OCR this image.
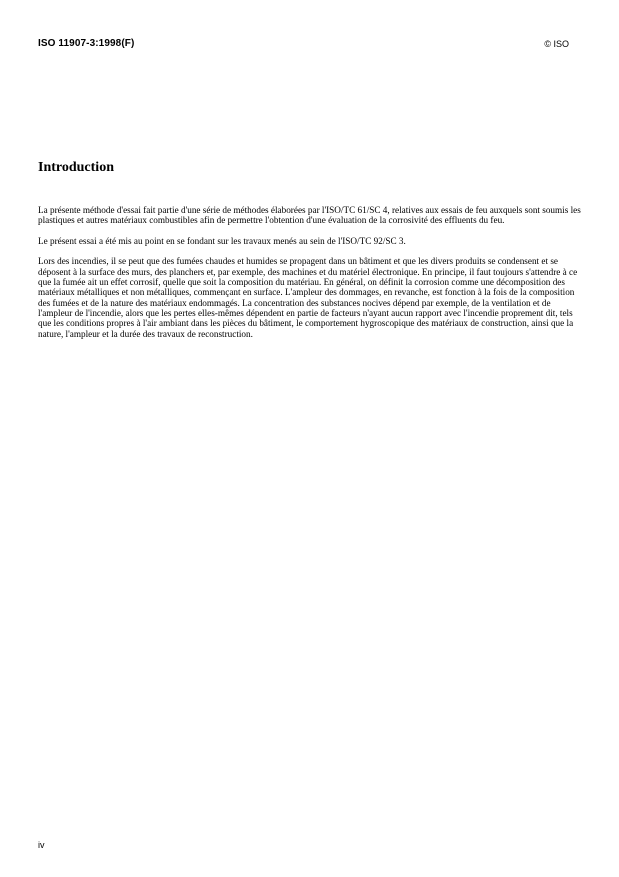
ISO 11907-3:1998(F)	© ISO
Introduction

La présente méthode d'essai fait partie d'une série de méthodes élaborées par l'ISO/TC 61/SC 4, relatives aux essais de feu auxquels sont soumis les plastiques et autres matériaux combustibles afin de permettre l'obtention d'une évaluation de la corrosivité des effluents du feu.

Le présent essai a été mis au point en se fondant sur les travaux menés au sein de l'ISO/TC 92/SC 3.

Lors des incendies, il se peut que des fumées chaudes et humides se propagent dans un bâtiment et que les divers produits se condensent et se déposent à la surface des murs, des planchers et, par exemple, des machines et du matériel électronique. En principe, il faut toujours s'attendre à ce que la fumée ait un effet corrosif, quelle que soit la composition du matériau. En général, on définit la corrosion comme une décomposition des matériaux métalliques et non métalliques, commençant en surface. L'ampleur des dommages, en revanche, est fonction à la fois de la composition des fumées et de la nature des matériaux endommagés. La concentration des substances nocives dépend par exemple, de la ventilation et de l'ampleur de l'incendie, alors que les pertes elles-mêmes dépendent en partie de facteurs n'ayant aucun rapport avec l'incendie proprement dit, tels que les conditions propres à l'air ambiant dans les pièces du bâtiment, le comportement hygroscopique des matériaux de construction, ainsi que la nature, l'ampleur et la durée des travaux de reconstruction.

iv
